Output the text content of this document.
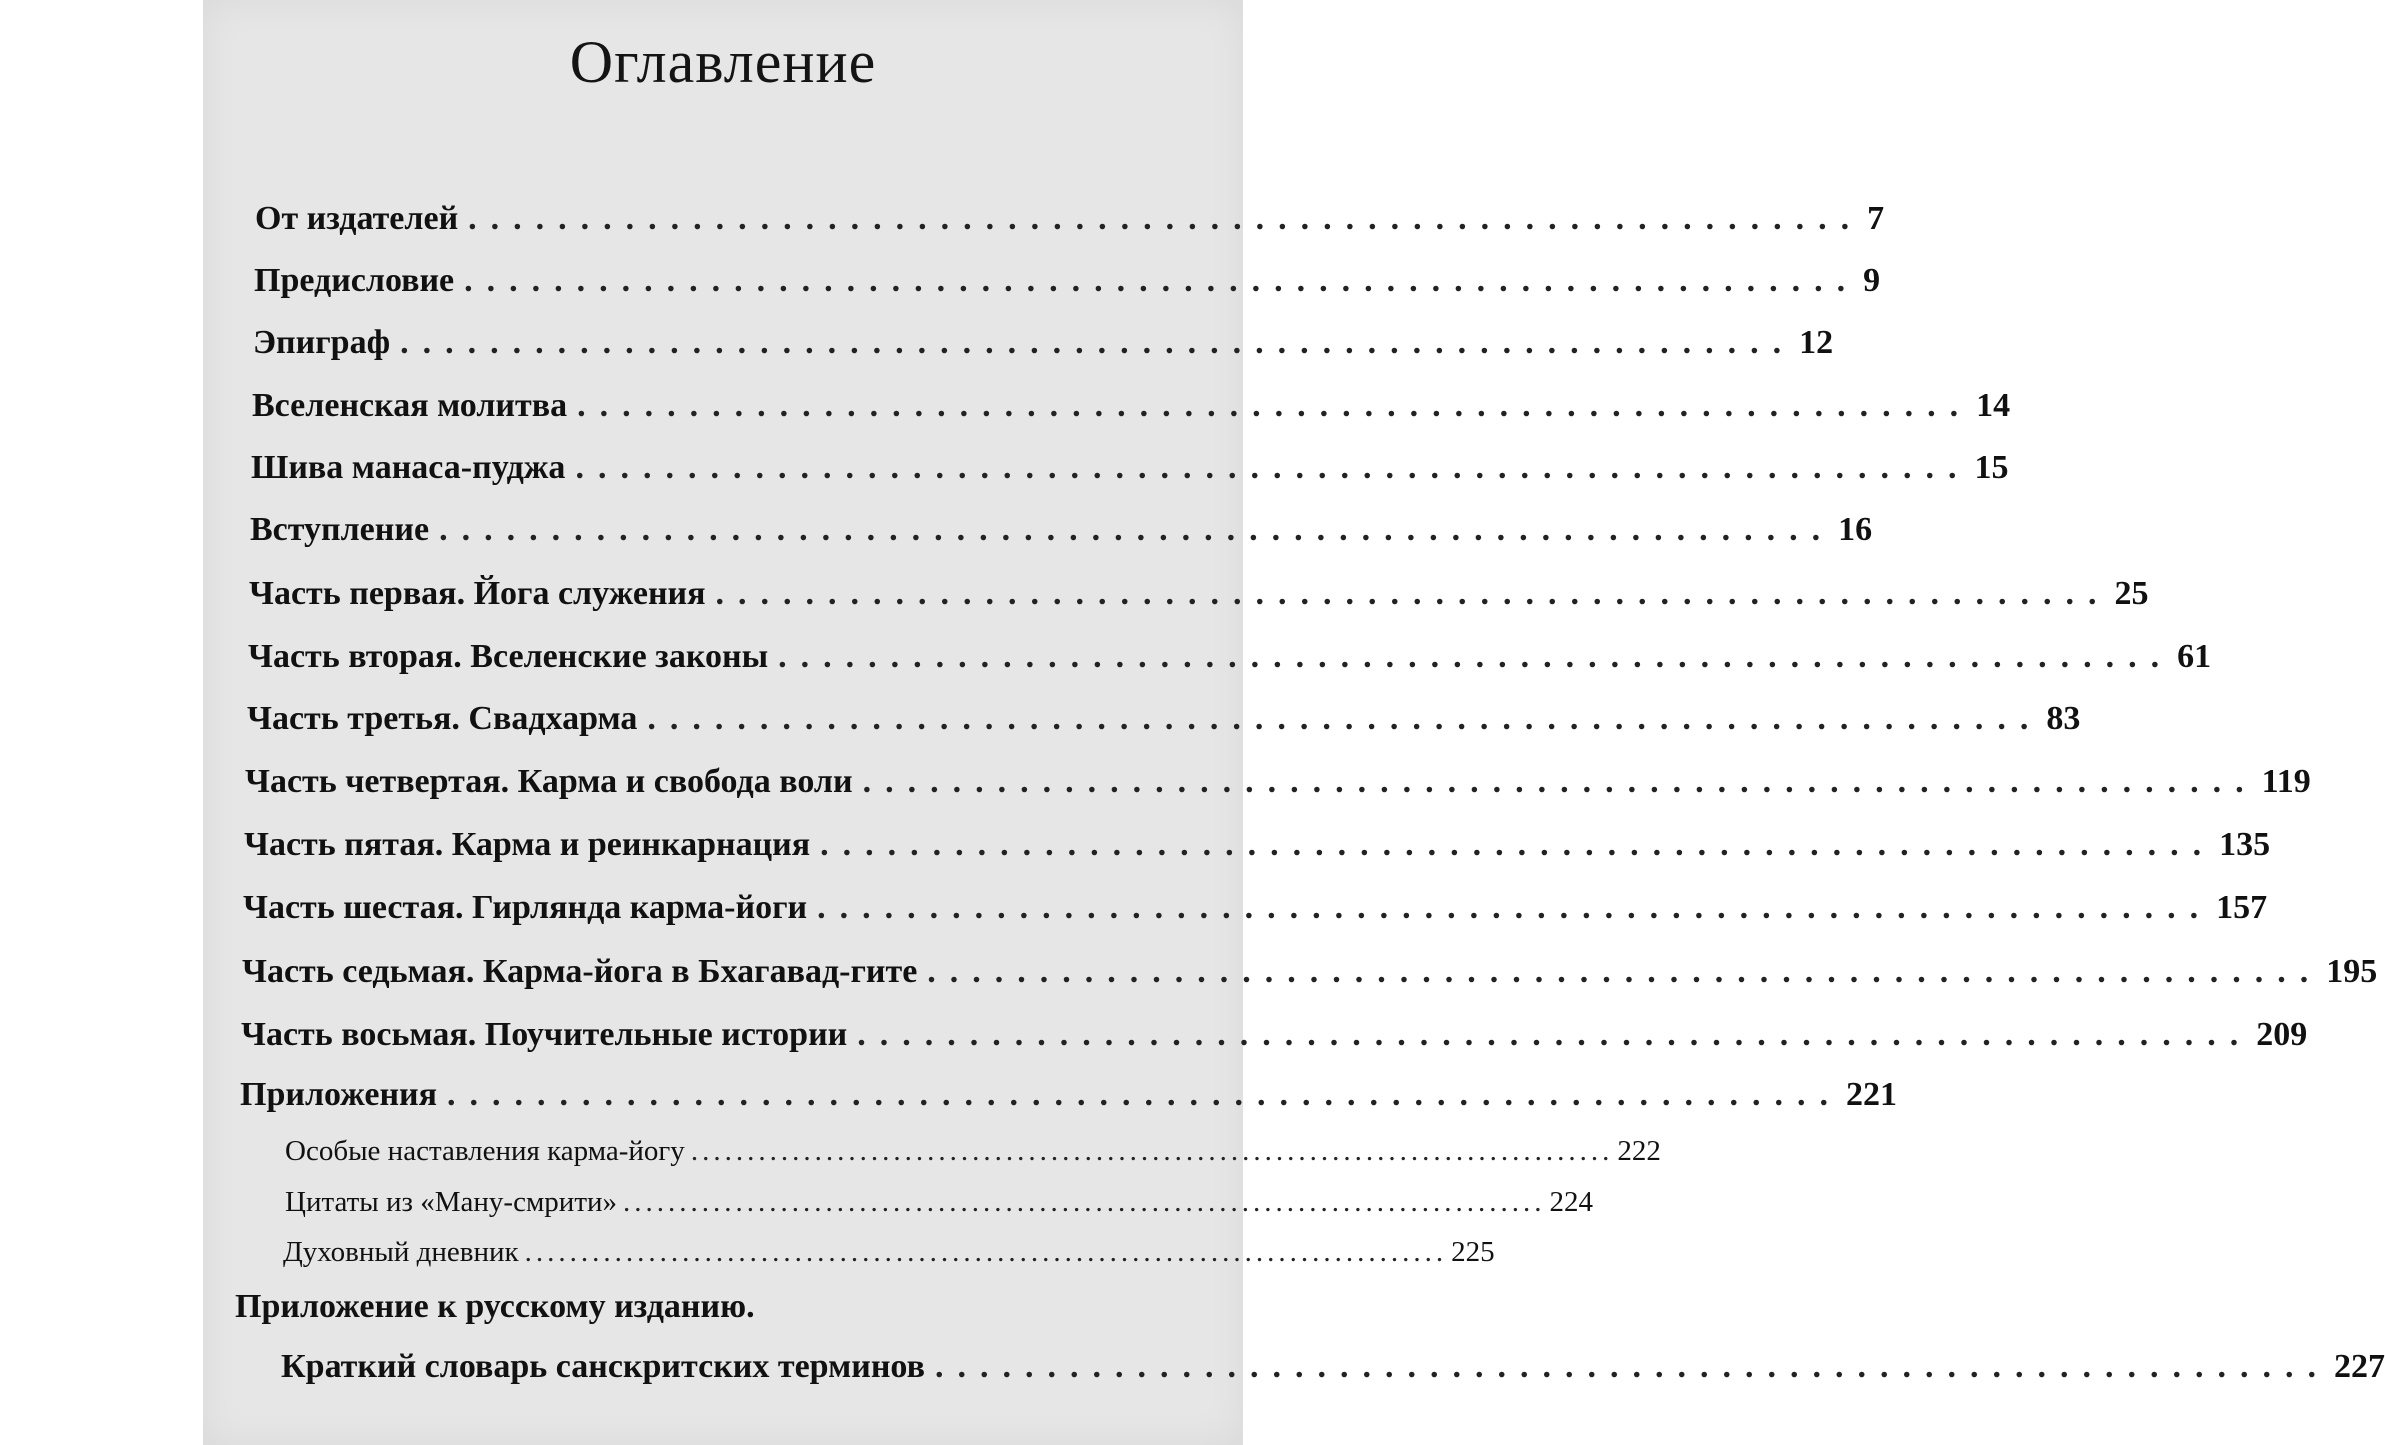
Оглавление
От издателей .............................................................. 7
Предисловие .............................................................. 9
Эпиграф .............................................................. 12
Вселенская молитва .............................................................. 14
Шива манаса-пуджа .............................................................. 15
Вступление .............................................................. 16
Часть первая. Йога служения .............................................................. 25
Часть вторая. Вселенские законы .............................................................. 61
Часть третья. Свадхарма .............................................................. 83
Часть четвертая. Карма и свобода воли .............................................................. 119
Часть пятая. Карма и реинкарнация .............................................................. 135
Часть шестая. Гирлянда карма-йоги .............................................................. 157
Часть седьмая. Карма-йога в Бхагавад-гите .............................................................. 195
Часть восьмая. Поучительные истории .............................................................. 209
Приложения .............................................................. 221
Особые наставления карма-йогу .................................................................................. 222
Цитаты из «Ману-смрити» .................................................................................. 224
Духовный дневник .................................................................................. 225
Приложение к русскому изданию.
Краткий словарь санскритских терминов .............................................................. 227
